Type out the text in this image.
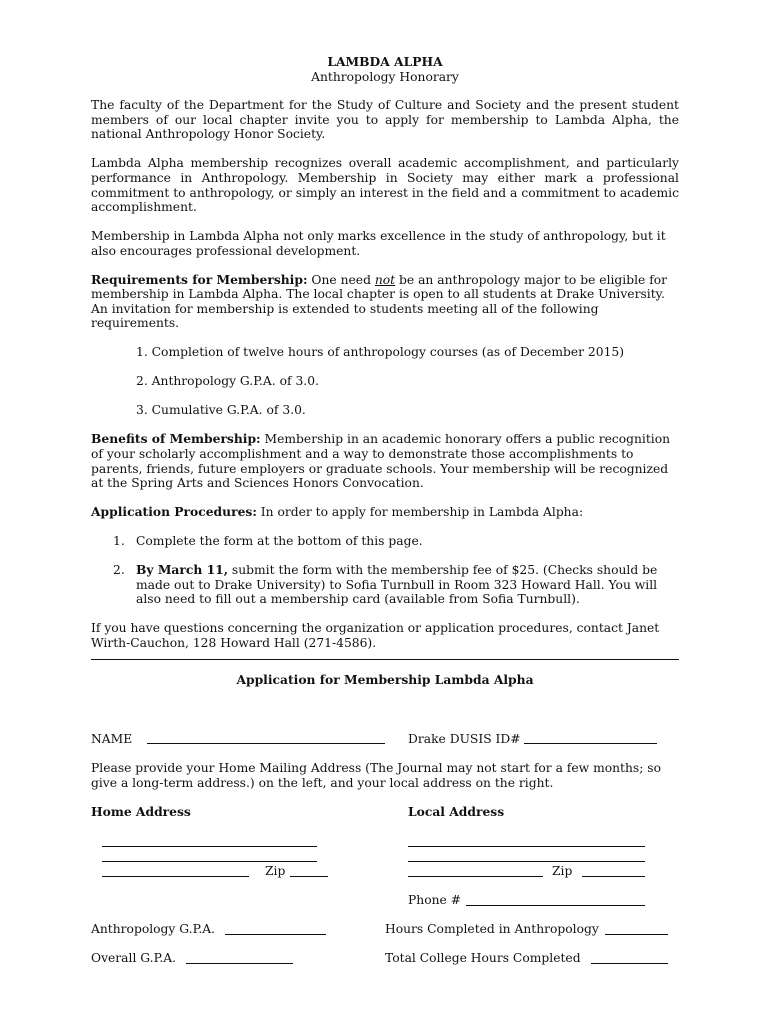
LAMBDA ALPHA

Anthropology Honorary

The faculty of the Department for the Study of Culture and Society and the present student members of our local chapter invite you to apply for membership to Lambda Alpha, the national Anthropology Honor Society.

Lambda Alpha membership recognizes overall academic accomplishment, and particularly performance in Anthropology. Membership in Society may either mark a professional commitment to anthropology, or simply an interest in the field and a commitment to academic accomplishment.

Membership in Lambda Alpha not only marks excellence in the study of anthropology, but it also encourages professional development.

Requirements for Membership: One need not be an anthropology major to be eligible for membership in Lambda Alpha. The local chapter is open to all students at Drake University. An invitation for membership is extended to students meeting all of the following requirements.

1. Completion of twelve hours of anthropology courses (as of December 2015)
2. Anthropology G.P.A. of 3.0.
3. Cumulative G.P.A. of 3.0.

Benefits of Membership: Membership in an academic honorary offers a public recognition of your scholarly accomplishment and a way to demonstrate those accomplishments to parents, friends, future employers or graduate schools. Your membership will be recognized at the Spring Arts and Sciences Honors Convocation.

Application Procedures: In order to apply for membership in Lambda Alpha:

1. Complete the form at the bottom of this page.
2. By March 11, submit the form with the membership fee of $25. (Checks should be made out to Drake University) to Sofia Turnbull in Room 323 Howard Hall. You will also need to fill out a membership card (available from Sofia Turnbull).

If you have questions concerning the organization or application procedures, contact Janet Wirth-Cauchon, 128 Howard Hall (271-4586).

Application for Membership Lambda Alpha

NAME	Drake DUSIS ID#

Please provide your Home Mailing Address (The Journal may not start for a few months; so give a long-term address.) on the left, and your local address on the right.

Home Address	Local Address
Zip	Zip
Phone #
Anthropology G.P.A.	Hours Completed in Anthropology
Overall G.P.A.	Total College Hours Completed
